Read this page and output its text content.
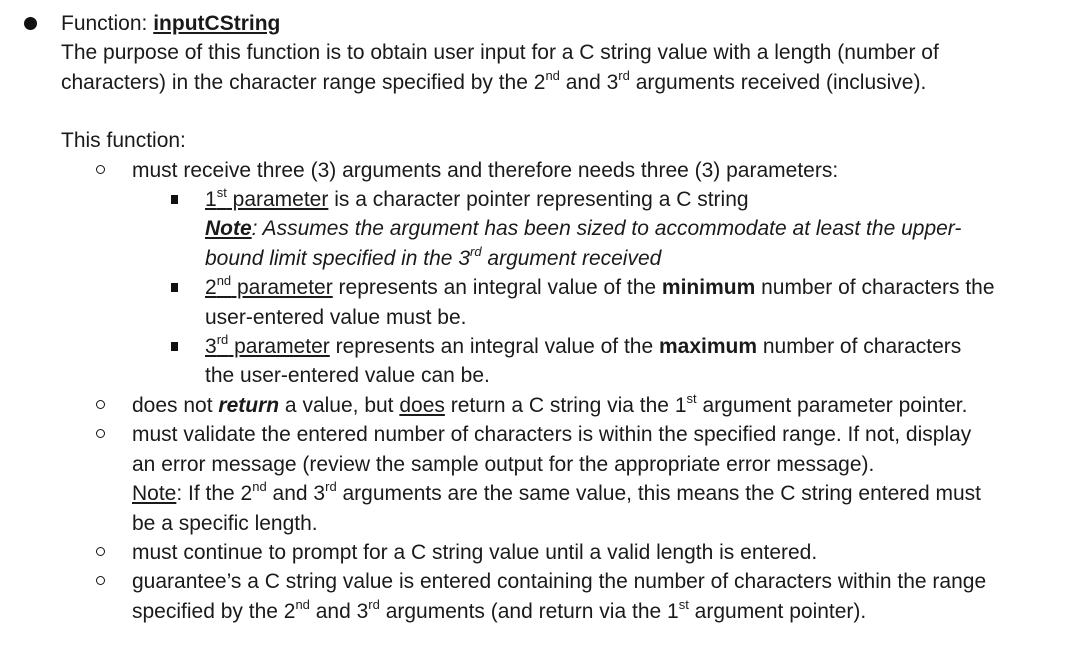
Function: inputCString
The purpose of this function is to obtain user input for a C string value with a length (number of
characters) in the character range specified by the 2nd and 3rd arguments received (inclusive).
This function:
must receive three (3) arguments and therefore needs three (3) parameters:
1st parameter is a character pointer representing a C string
Note: Assumes the argument has been sized to accommodate at least the upper-
bound limit specified in the 3rd argument received
2nd parameter represents an integral value of the minimum number of characters the
user-entered value must be.
3rd parameter represents an integral value of the maximum number of characters
the user-entered value can be.
does not return a value, but does return a C string via the 1st argument parameter pointer.
must validate the entered number of characters is within the specified range. If not, display
an error message (review the sample output for the appropriate error message).
Note: If the 2nd and 3rd arguments are the same value, this means the C string entered must
be a specific length.
must continue to prompt for a C string value until a valid length is entered.
guarantee’s a C string value is entered containing the number of characters within the range
specified by the 2nd and 3rd arguments (and return via the 1st argument pointer).
